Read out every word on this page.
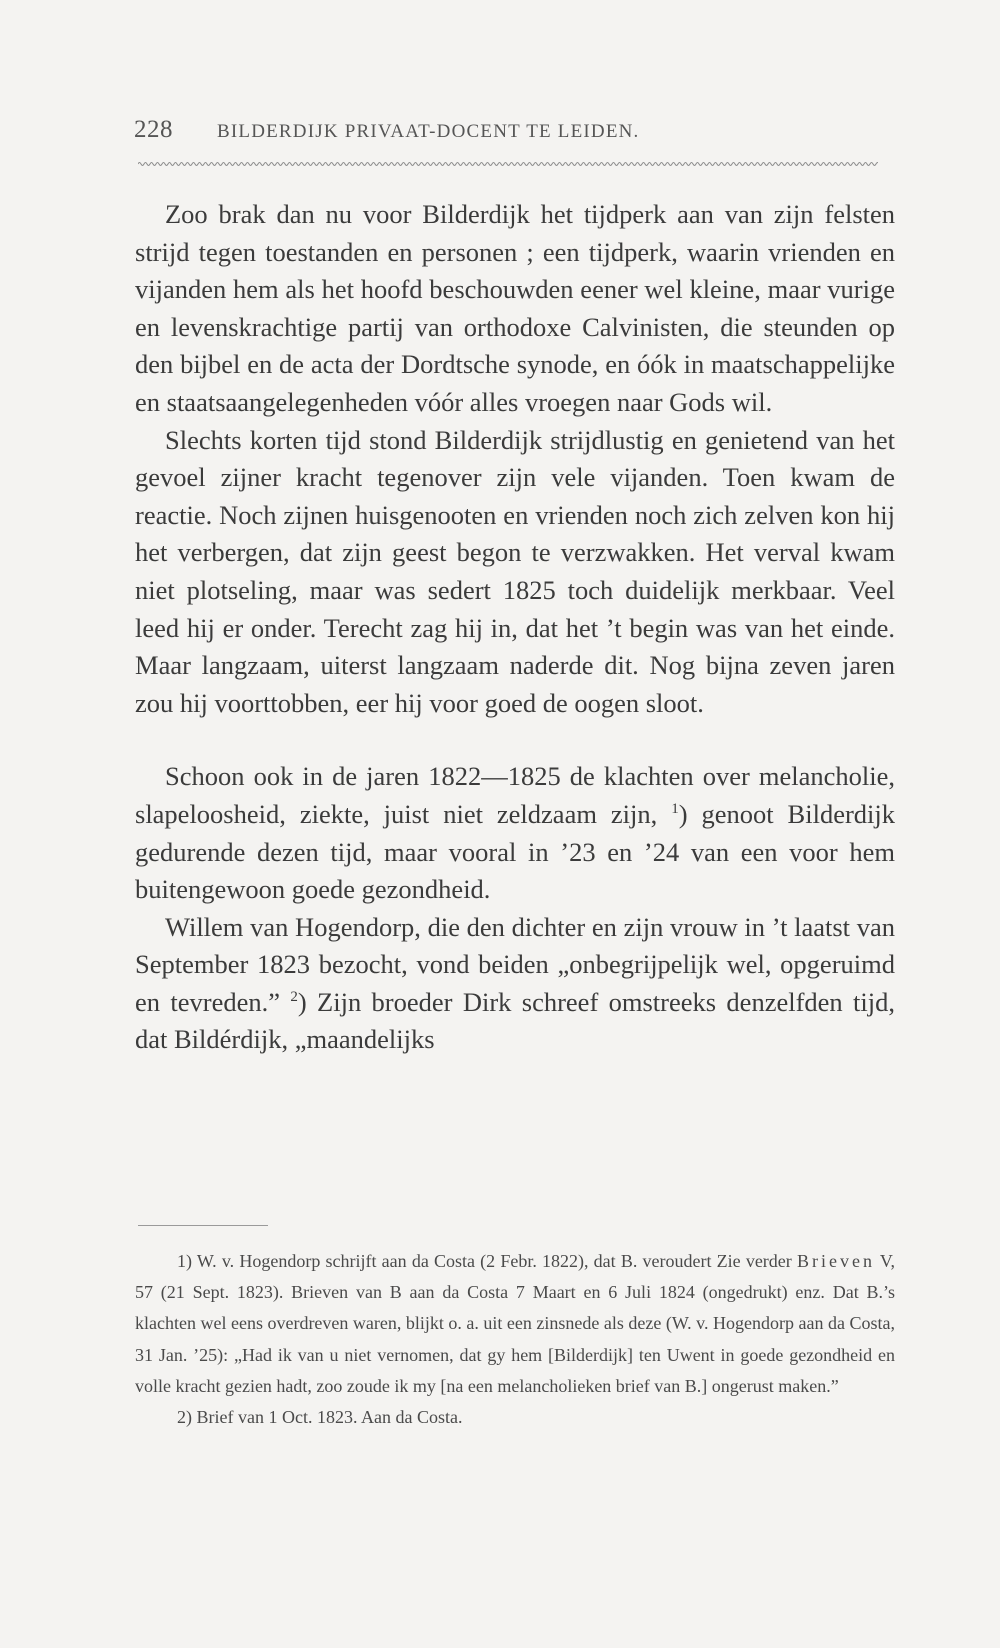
228 BILDERDIJK PRIVAAT-DOCENT TE LEIDEN.

Zoo brak dan nu voor Bilderdijk het tijdperk aan van zijn felsten strijd tegen toestanden en personen ; een tijdperk, waarin vrienden en vijanden hem als het hoofd beschouwden eener wel kleine, maar vurige en levenskrachtige partij van orthodoxe Calvinisten, die steunden op den bijbel en de acta der Dordtsche synode, en óók in maatschappelijke en staatsaangelegenheden vóór alles vroegen naar Gods wil.

Slechts korten tijd stond Bilderdijk strijdlustig en genietend van het gevoel zijner kracht tegenover zijn vele vijanden. Toen kwam de reactie. Noch zijnen huisgenooten en vrienden noch zich zelven kon hij het verbergen, dat zijn geest begon te verzwakken. Het verval kwam niet plotseling, maar was sedert 1825 toch duidelijk merkbaar. Veel leed hij er onder. Terecht zag hij in, dat het ’t begin was van het einde. Maar langzaam, uiterst langzaam naderde dit. Nog bijna zeven jaren zou hij voorttobben, eer hij voor goed de oogen sloot.

Schoon ook in de jaren 1822—1825 de klachten over melancholie, slapeloosheid, ziekte, juist niet zeldzaam zijn, $^1$) genoot Bilderdijk gedurende dezen tijd, maar vooral in ’23 en ’24 van een voor hem buitengewoon goede gezondheid.

Willem van Hogendorp, die den dichter en zijn vrouw in ’t laatst van September 1823 bezocht, vond beiden „onbegrijpelijk wel, opgeruimd en tevreden.” $^2$) Zijn broeder Dirk schreef omstreeks denzelfden tijd, dat Bildérdijk, „maandelijks

1) W. v. Hogendorp schrijft aan da Costa (2 Febr. 1822), dat B. veroudert Zie verder Brieven V, 57 (21 Sept. 1823). Brieven van B aan da Costa 7 Maart en 6 Juli 1824 (ongedrukt) enz. Dat B.’s klachten wel eens overdreven waren, blijkt o. a. uit een zinsnede als deze (W. v. Hogendorp aan da Costa, 31 Jan. ’25): „Had ik van u niet vernomen, dat gy hem [Bilderdijk] ten Uwent in goede gezondheid en volle kracht gezien hadt, zoo zoude ik my [na een melancholieken brief van B.] ongerust maken.”

2) Brief van 1 Oct. 1823. Aan da Costa.
